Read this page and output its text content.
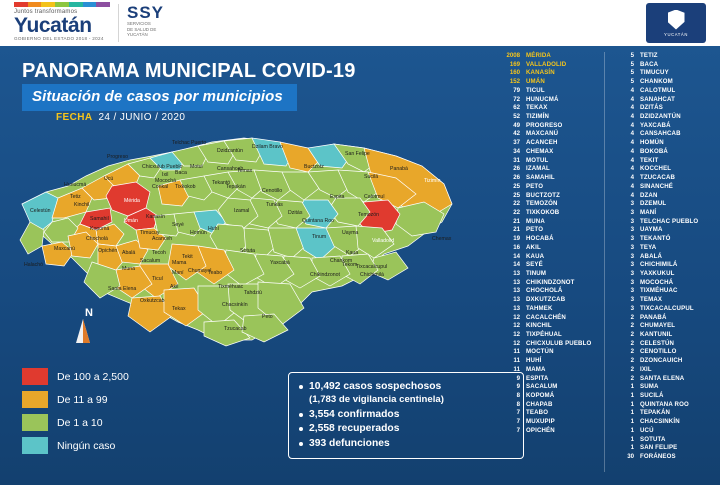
Juntos transformamos
Yucatán
GOBIERNO DEL ESTADO 2018 - 2024
SSY
SERVICIOS
DE SALUD DE
YUCATÁN	YUCATÁN
PANORAMA MUNICIPAL COVID-19
Situación de casos por municipios
FECHA 24 / JUNIO / 2020
San Felipe
Panabá
Tizimín
Sucilá
Buctzotz
Dzilam Bravo
Dzidzantún
Telchac Puerto
Progreso
Chicxulub Pueblo
Ixil
Mocochá
Baca
Motul	Cansahcab
Temax
Hunucmá
Ucú
Conkal
Mérida
Tixkokob
Tekantó
Tepakán
Cenotillo
Espita	Calotmul
Tetiz
Kinchil
Celestún
Umán
Samahil
Kopomá
Chocholá
Maxcanú	Opichén
Halachó
Abalá	Tecoh
Acanceh
Timucuy
Kanasín
Seyé
Homún
Huhí
Sotuta
Izamal
Tunkás
Dzitás
Quintana Roo
Tinum
Temozón
Valladolid	Chemax
Kaua
Uayma
Chankom
Tixcacalcupul
Chichimilá
Yaxcabá
Chikindzonot
Tekit
Mama
Chumayel
Teabo
Muna
Sacalum
Santa Elena
Ticul
Akil
Oxkutzcab
Tekax
Chacsinkín
Peto
Tzucacab
Tekom
Tahdziú
Tixméhuac
Maní
N
De 100 a 2,500
De 11 a 99
De 1 a 10
Ningún caso
10,492 casos sospechosos
(1,783 de vigilancia centinela)
3,554 confirmados
2,558 recuperados
393 defunciones
2008 MÉRIDA
169 VALLADOLID
160 KANASÍN
152 UMÁN
79 TICUL
72 HUNUCMÁ
62 TEKAX
52 TIZIMÍN
49 PROGRESO
42 MAXCANÚ
37 ACANCEH
34 CHEMAX
31 MOTUL
26 IZAMAL
26 SAMAHIL
25 PETO
25 BUCTZOTZ
22 TEMOZÓN
22 TIXKOKOB
21 MUNA
21 PETO
19 HOCABÁ
16 AKIL
14 KAUA
14 SEYÉ
13 TINUM
13 CHIKINDZONOT
13 CHOCHOLÁ
13 DXKUTZCAB
13 TAHMEK
12 CACALCHÉN
12 KINCHIL
12 TIXPÉHUAL
12 CHICXULUB PUEBLO
11 MOCTÚN
11 HUHÍ
11 MAMA
9 ESPITA
9 SACALUM
8 KOPOMÁ
8 CHAPAB
7 TEABO
7 MUXUPIP
7 OPICHÉN
5 TETIZ
5 BACA
5 TIMUCUY
5 CHANKOM
4 CALOTMUL
4 SANAHCAT
4 DZITÁS
4 DZIDZANTÚN
4 YAXCABÁ
4 CANSAHCAB
4 HOMÚN
4 BOKOBÁ
4 TEKIT
4 KOCCHEL
4 TZUCACAB
4 SINANCHÉ
4 DZAN
3 DZEMUL
3 MANÍ
3 TELCHAC PUEBLO
3 UAYMA
3 TEKANTÓ
3 TEYA
3 ABALÁ
3 CHICHIMILÁ
3 YAXKUKUL
3 MOCOCHÁ
3 TIXMÉHUAC
3 TEMAX
3 TIXCACALCUPUL
2 PANABÁ
2 CHUMAYEL
2 KANTUNIL
2 CELESTÚN
2 CENOTILLO
2 DZONCAUICH
2 IXIL
2 SANTA ELENA
1 SUMA
1 SUCILÁ
1 QUINTANA ROO
1 TEPAKÁN
1 CHACSINKÍN
1 UCÚ
1 SOTUTA
1 SAN FELIPE
30 FORÁNEOS
